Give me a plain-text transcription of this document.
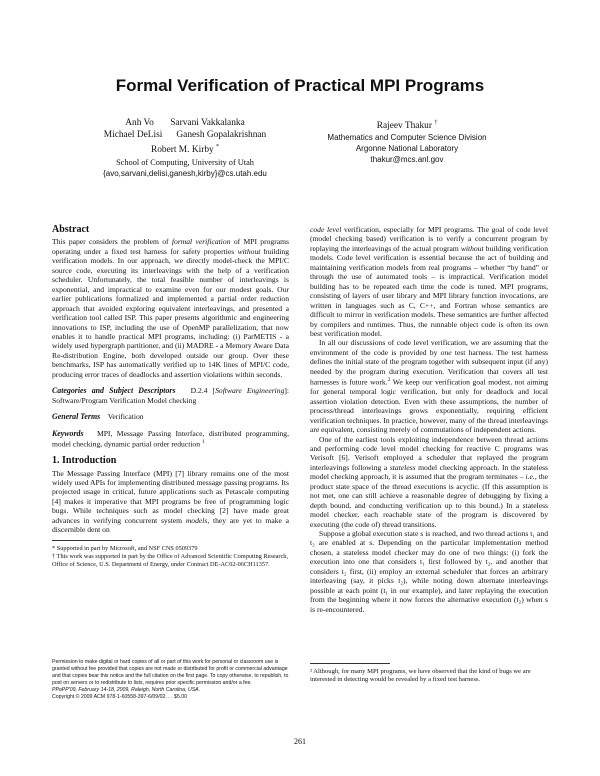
Formal Verification of Practical MPI Programs
Anh Vo Sarvani Vakkalanka
Michael DeLisi Ganesh Gopalakrishnan
Robert M. Kirby *
School of Computing, University of Utah
{avo,sarvani,delisi,ganesh,kirby}@cs.utah.edu
Rajeev Thakur †
Mathematics and Computer Science Division
Argonne National Laboratory
thakur@mcs.anl.gov
Abstract

This paper considers the problem of formal verification of MPI programs operating under a fixed test harness for safety properties without building verification models. In our approach, we directly model-check the MPI/C source code, executing its interleavings with the help of a verification scheduler. Unfortunately, the total feasible number of interleavings is exponential, and impractical to examine even for our modest goals. Our earlier publications formalized and implemented a partial order reduction approach that avoided exploring equivalent interleavings, and presented a verification tool called ISP. This paper presents algorithmic and engineering innovations to ISP, including the use of OpenMP parallelization, that now enables it to handle practical MPI programs, including: (i) ParMETIS - a widely used hypergraph partitioner, and (ii) MADRE - a Memory Aware Data Re-distribution Engine, both developed outside our group. Over these benchmarks, ISP has automatically verified up to 14K lines of MPI/C code, producing error traces of deadlocks and assertion violations within seconds.

Categories and Subject Descriptors D.2.4 [Software Engineering]: Software/Program Verification Model checking

General Terms Verification

Keywords MPI, Message Passing Interface, distributed programming, model checking, dynamic partial order reduction $^1$

1. Introduction

The Message Passing Interface (MPI) [7] library remains one of the most widely used APIs for implementing distributed message passing programs. Its projected usage in critical, future applications such as Petascale computing [4] makes it imperative that MPI programs be free of programming logic bugs. While techniques such as model checking [2] have made great advances in verifying concurrent system models, they are yet to make a discernible dent on

* Supported in part by Microsoft, and NSF CNS 0509379

† This work was supported in part by the Office of Advanced Scientific Computing Research, Office of Science, U.S. Department of Energy, under Contract DE-AC02-06CH11357.

Permission to make digital or hard copies of all or part of this work for personal or classroom use is granted without fee provided that copies are not made or distributed for profit or commercial advantage and that copies bear this notice and the full citation on the first page. To copy otherwise, to republish, to post on servers or to redistribute to lists, requires prior specific permission and/or a fee.

PPoPP'09, February 14-18, 2009, Raleigh, North Carolina, USA.

Copyright © 2009 ACM 978-1-60558-397-6/09/02. . . $5.00

code level verification, especially for MPI programs. The goal of code level (model checking based) verification is to verify a concurrent program by replaying the interleavings of the actual program without building verification models. Code level verification is essential because the act of building and maintaining verification models from real programs – whether “by hand” or through the use of automated tools – is impractical. Verification model building has to be repeated each time the code is tuned. MPI programs, consisting of layers of user library and MPI library function invocations, are written in languages such as C, C++, and Fortran whose semantics are difficult to mirror in verification models. These semantics are further affected by compilers and runtimes. Thus, the runnable object code is often its own best verification model.

In all our discussions of code level verification, we are assuming that the environment of the code is provided by one test harness. The test harness defines the initial state of the program together with subsequent input (if any) needed by the program during execution. Verification that covers all test harnesses is future work.$^2$ We keep our verification goal modest, not aiming for general temporal logic verification, but only for deadlock and local assertion violation detection. Even with these assumptions, the number of process/thread interleavings grows exponentially, requiring efficient verification techniques. In practice, however, many of the thread interleavings are equivalent, consisting merely of commutations of independent actions.

One of the earliest tools exploiting independence between thread actions and performing code level model checking for reactive C programs was Verisoft [6]. Verisoft employed a scheduler that replayed the program interleavings following a stateless model checking approach. In the stateless model checking approach, it is assumed that the program terminates – i.e., the product state space of the thread executions is acyclic. (If this assumption is not met, one can still achieve a reasonable degree of debugging by fixing a depth bound, and conducting verification up to this bound.) In a stateless model checker, each reachable state of the program is discovered by executing (the code of) thread transitions.

Suppose a global execution state s is reached, and two thread actions t₁ and t₂ are enabled at s. Depending on the particular implementation method chosen, a stateless model checker may do one of two things: (i) fork the execution into one that considers t₁ first followed by t₂, and another that considers t₂ first, (ii) employ an external scheduler that forces an arbitrary interleaving (say, it picks t₂), while noting down alternate interleavings possible at each point (t₁ in our example), and later replaying the execution from the beginning where it now forces the alternative execution (t₂) when s is re-encountered.

² Although, for many MPI programs, we have observed that the kind of bugs we are interested in detecting would be revealed by a fixed test harness.

261
